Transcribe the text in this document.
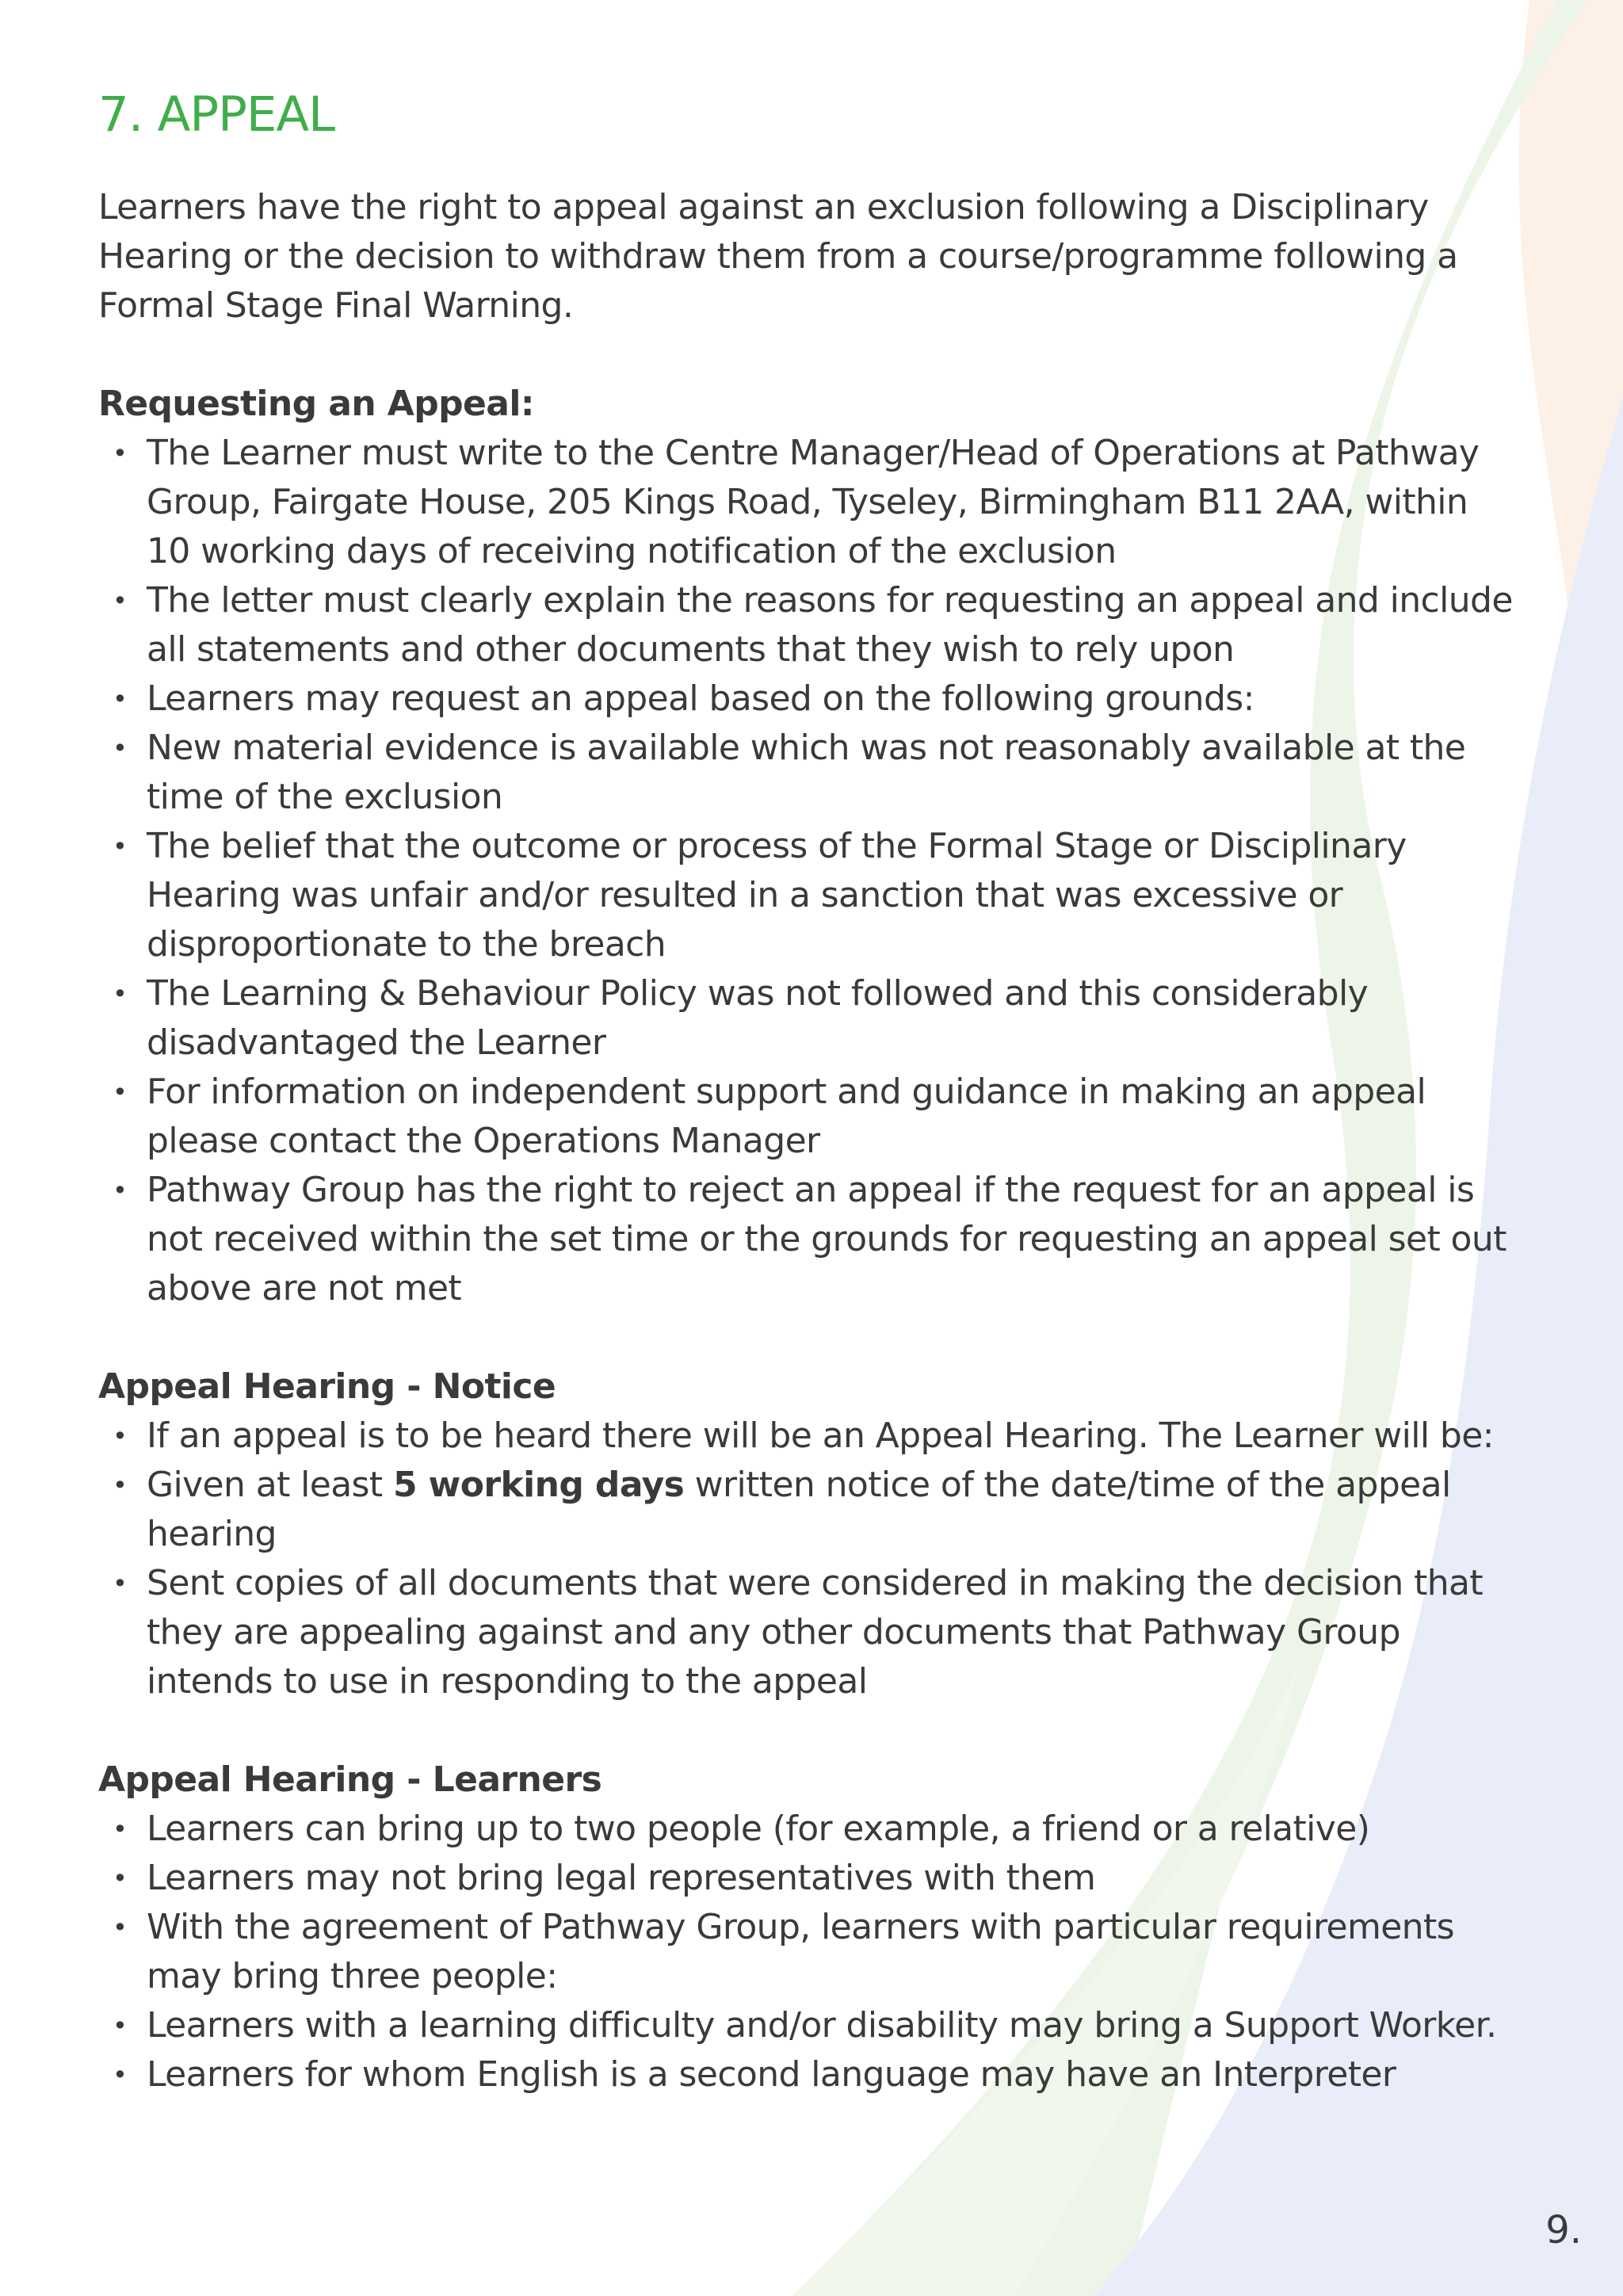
7. APPEAL

Learners have the right to appeal against an exclusion following a Disciplinary Hearing or the decision to withdraw them from a course/programme following a Formal Stage Final Warning.

Requesting an Appeal:
• The Learner must write to the Centre Manager/Head of Operations at Pathway Group, Fairgate House, 205 Kings Road, Tyseley, Birmingham B11 2AA, within 10 working days of receiving notification of the exclusion
• The letter must clearly explain the reasons for requesting an appeal and include all statements and other documents that they wish to rely upon
• Learners may request an appeal based on the following grounds:
• New material evidence is available which was not reasonably available at the time of the exclusion
• The belief that the outcome or process of the Formal Stage or Disciplinary Hearing was unfair and/or resulted in a sanction that was excessive or disproportionate to the breach
• The Learning & Behaviour Policy was not followed and this considerably disadvantaged the Learner
• For information on independent support and guidance in making an appeal please contact the Operations Manager
• Pathway Group has the right to reject an appeal if the request for an appeal is not received within the set time or the grounds for requesting an appeal set out above are not met
Appeal Hearing - Notice
• If an appeal is to be heard there will be an Appeal Hearing. The Learner will be:
• Given at least 5 working days written notice of the date/time of the appeal hearing
• Sent copies of all documents that were considered in making the decision that they are appealing against and any other documents that Pathway Group intends to use in responding to the appeal
Appeal Hearing - Learners
• Learners can bring up to two people (for example, a friend or a relative)
• Learners may not bring legal representatives with them
• With the agreement of Pathway Group, learners with particular requirements may bring three people:
• Learners with a learning difficulty and/or disability may bring a Support Worker.
• Learners for whom English is a second language may have an Interpreter
9.
